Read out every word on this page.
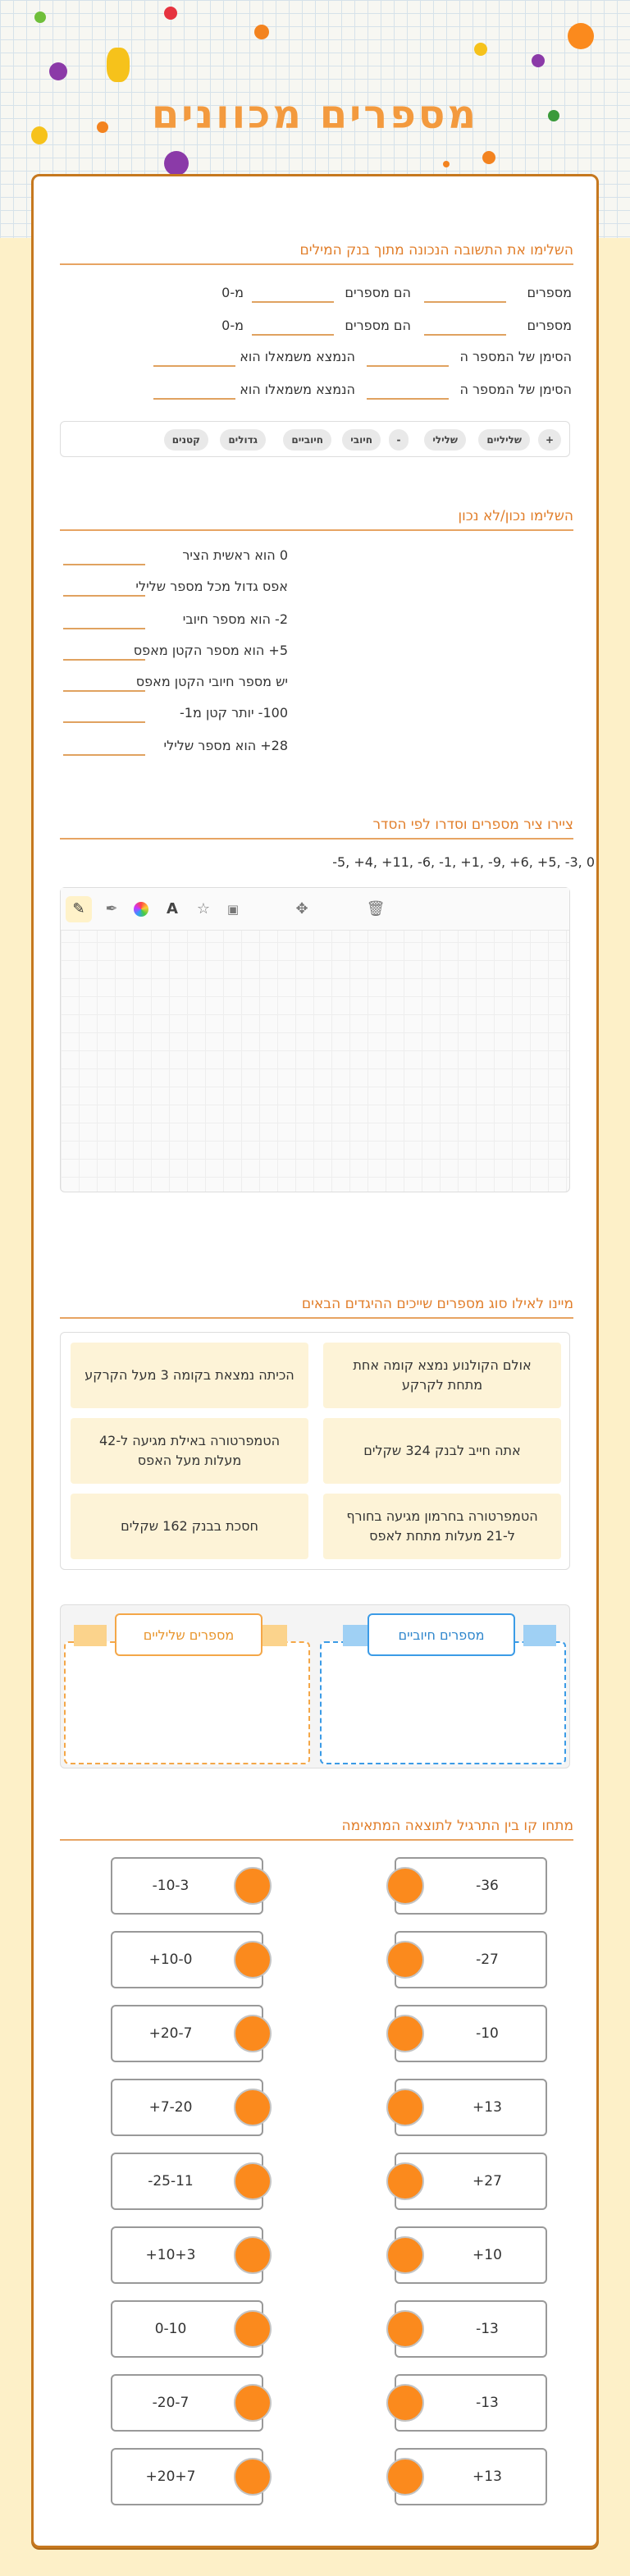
מספרים מכוונים
השלימו את התשובה הנכונה מתוך בנק המילים
מספרים
הם מספרים
מ-0
מספרים
הם מספרים
מ-0
הסימן של המספר ה
הנמצא משמאלו הוא
הסימן של המספר ה
הנמצא משמאלו הוא
+
שליליים
שלילי
-
חיובי
חיוביים
גדולים
קטנים
השלימו נכון/לא נכון
0 הוא ראשית הציר
אפס גדול מכל מספר שלילי
2- הוא מספר חיובי
5+ הוא מספר הקטן מאפס
יש מספר חיובי הקטן מאפס
100- יותר קטן מ1-
28+ הוא מספר שלילי
ציירו ציר מספרים וסדרו לפי הסדר
-5, +4, +11, -6, -1, +1, -9, +6, +5, -3, 0
✎	✒	A	☆	▣	✥	🗑
מיינו לאילו סוג מספרים שייכים ההיגדים הבאים
אולם הקולנוע נמצא קומה אחת מתחת לקרקע
הכיתה נמצאת בקומה 3 מעל הקרקע
אתה חייב לבנק 324 שקלים
הטמפרטורה באילת מגיעה ל-42 מעלות מעל האפס
הטמפרטורה בחרמון מגיעה בחורף ל-21 מעלות מתחת לאפס
חסכת בבנק 162 שקלים
מספרים חיוביים
מספרים שליליים
מתחו קו בין התרגיל לתוצאה המתאימה
-36
-10-3
-27
+10-0
-10
+20-7
+13
+7-20
+27
-25-11
+10
+10+3
-13
0-10
-13
-20-7
+13
+20+7
